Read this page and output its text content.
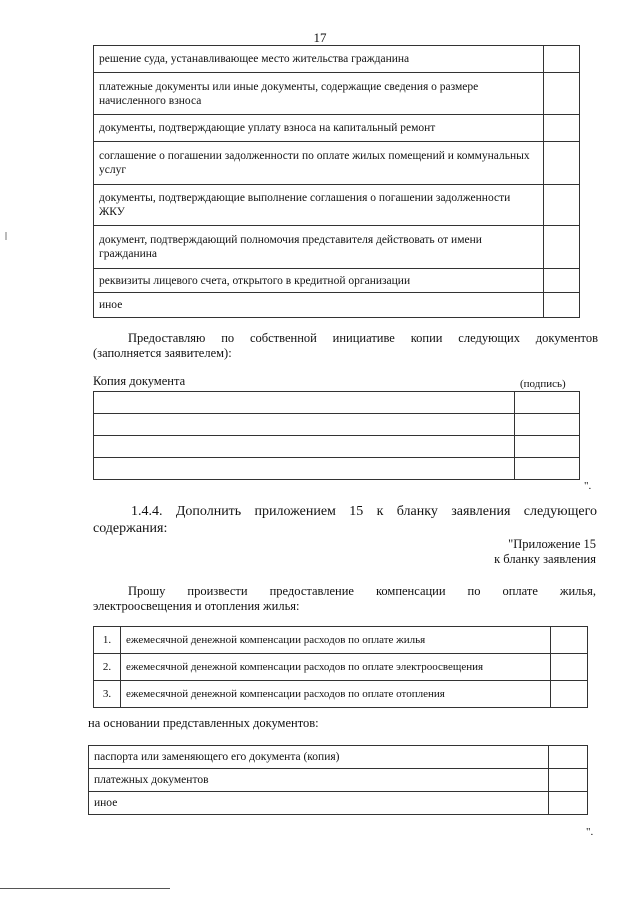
17
решение суда, устанавливающее место жительства гражданина	
платежные документы или иные документы, содержащие сведения о размере начисленного взноса	
документы, подтверждающие уплату взноса на капитальный ремонт	
соглашение о погашении задолженности по оплате жилых помещений и коммунальных услуг	
документы, подтверждающие выполнение соглашения о погашении задолженности ЖКУ	
документ, подтверждающий полномочия представителя действовать от имени гражданина	
реквизиты лицевого счета, открытого в кредитной организации	
иное	
Предоставляю по собственной инициативе копии следующих документов
(заполняется заявителем):
Копия документа	(подпись)

".
1.4.4. Дополнить приложением 15 к бланку заявления следующего
содержания:
"Приложение 15
к бланку заявления
Прошу произвести предоставление компенсации по оплате жилья,
электроосвещения и отопления жилья:
1.	ежемесячной денежной компенсации расходов по оплате жилья	
2.	ежемесячной денежной компенсации расходов по оплате электроосвещения	
3.	ежемесячной денежной компенсации расходов по оплате отопления	
на основании представленных документов:
паспорта или заменяющего его документа (копия)	
платежных документов	
иное	
".
